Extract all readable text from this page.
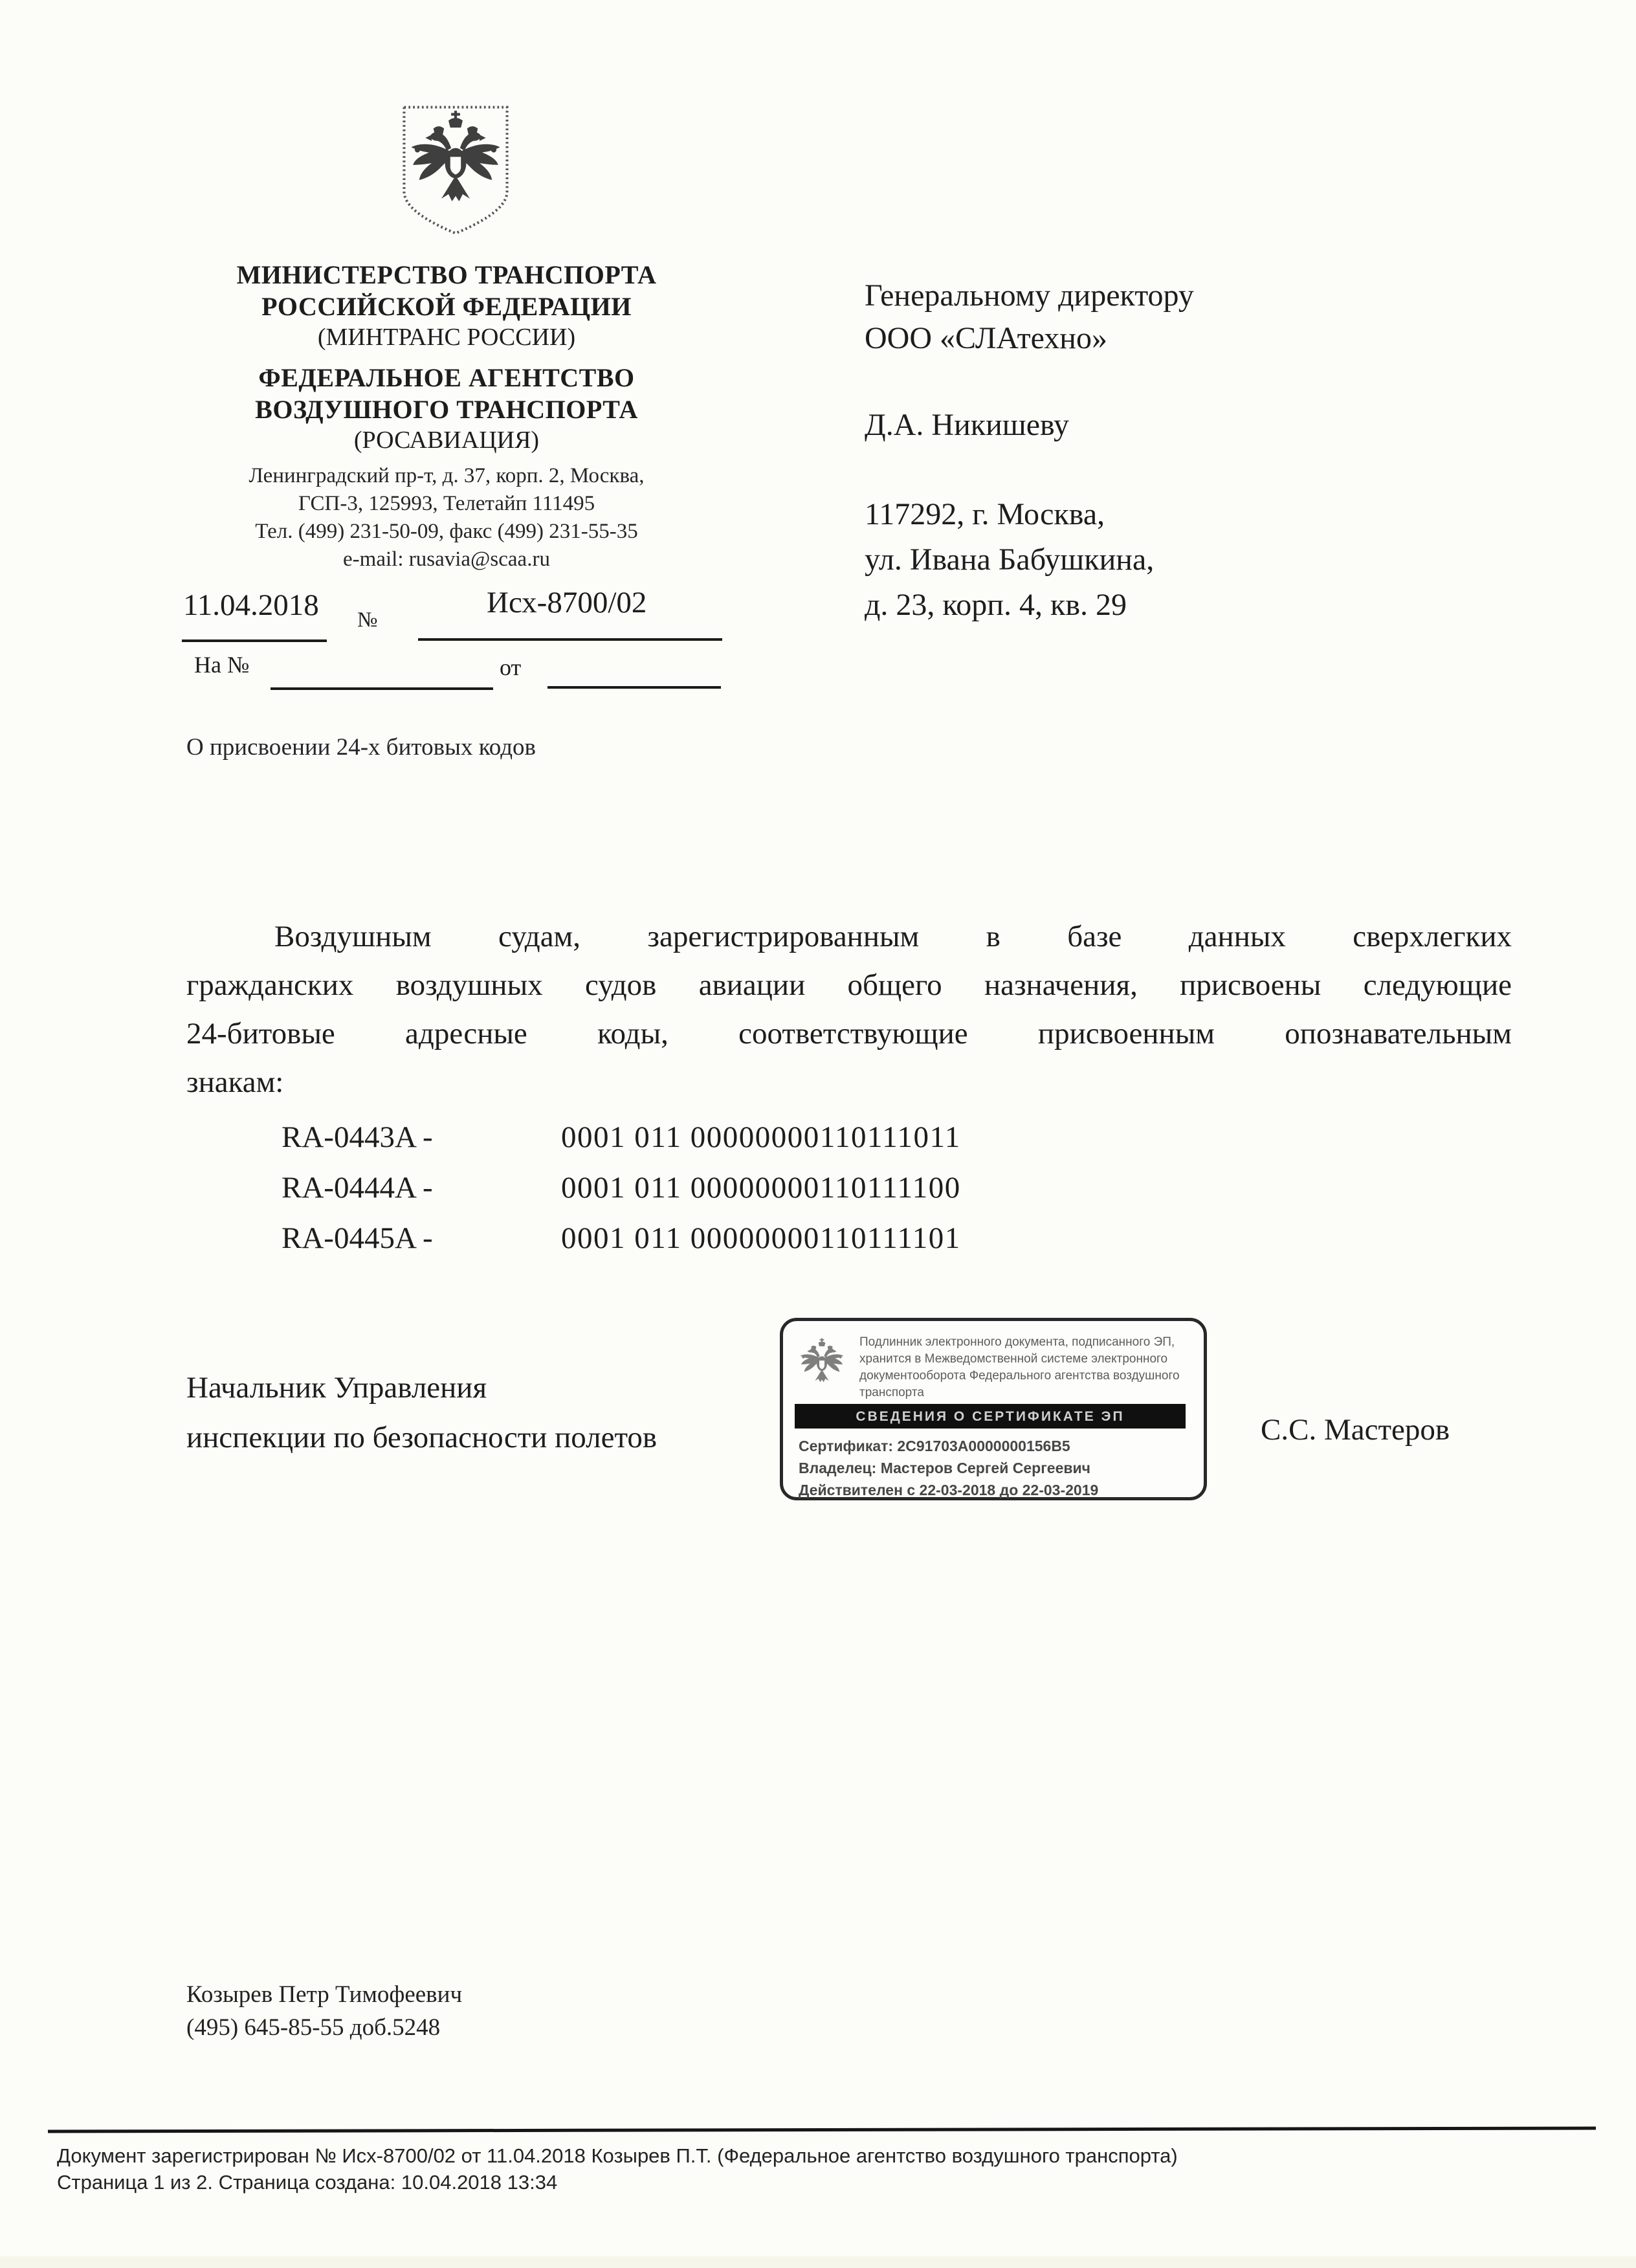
МИНИСТЕРСТВО ТРАНСПОРТА
РОССИЙСКОЙ ФЕДЕРАЦИИ
(МИНТРАНС РОССИИ)
ФЕДЕРАЛЬНОЕ АГЕНТСТВО
ВОЗДУШНОГО ТРАНСПОРТА
(РОСАВИАЦИЯ)
Ленинградский пр-т, д. 37, корп. 2, Москва,
ГСП-3, 125993, Телетайп 111495
Тел. (499) 231-50-09, факс (499) 231-55-35
e-mail: rusavia@scaa.ru
11.04.2018 №
Исх-8700/02
На №	от
О присвоении 24-х битовых кодов
Генеральному директору
ООО «СЛАтехно»
Д.А. Никишеву
117292, г. Москва,
ул. Ивана Бабушкина,
д. 23, корп. 4, кв. 29
Воздушным судам, зарегистрированным в базе данных сверхлегких
гражданских воздушных судов авиации общего назначения, присвоены следующие
24-битовые адресные коды, соответствующие присвоенным опознавательным
знакам:
RA-0443A -	0001 011 00000000110111011
RA-0444A -	0001 011 00000000110111100
RA-0445A -	0001 011 00000000110111101
Начальник Управления
инспекции по безопасности полетов	С.С. Мастеров
Подлинник электронного документа, подписанного ЭП,
хранится в Межведомственной системе электронного
документооборота Федерального агентства воздушного
транспорта
СВЕДЕНИЯ О СЕРТИФИКАТЕ ЭП
Сертификат: 2C91703A0000000156B5
Владелец: Мастеров Сергей Сергеевич
Действителен с 22-03-2018 до 22-03-2019
Козырев Петр Тимофеевич
(495) 645-85-55 доб.5248
Документ зарегистрирован № Исх-8700/02 от 11.04.2018 Козырев П.Т. (Федеральное агентство воздушного транспорта)
Страница 1 из 2. Страница создана: 10.04.2018 13:34
